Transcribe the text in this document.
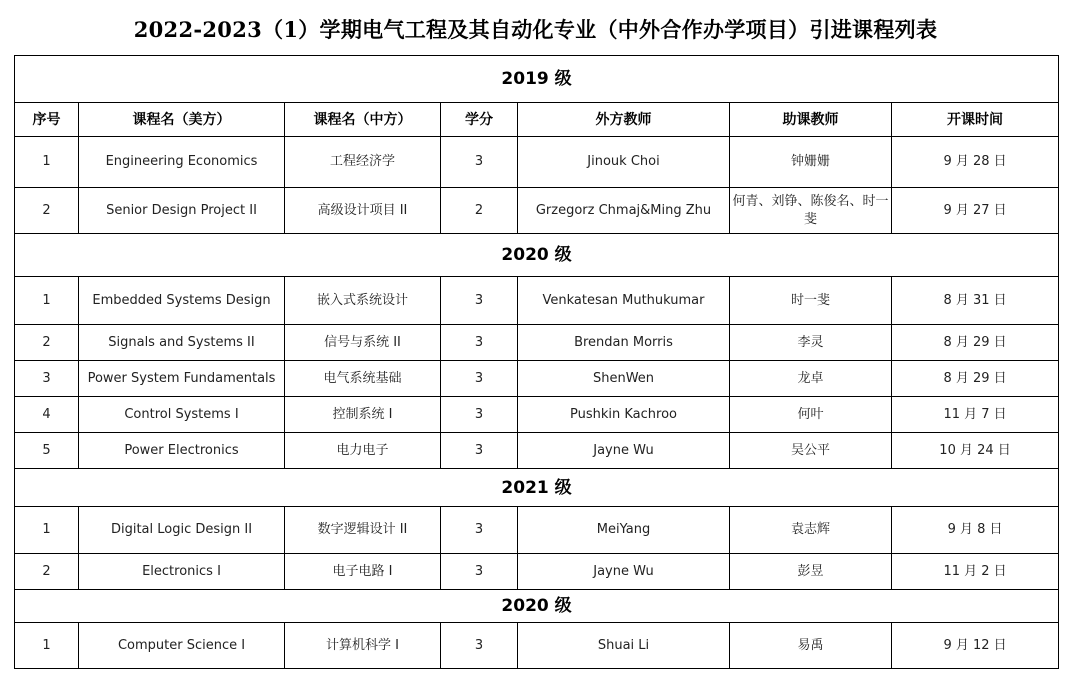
2022-2023（1）学期电气工程及其自动化专业（中外合作办学项目）引进课程列表
2019 级						
序号	课程名（美方）	课程名（中方）	学分	外方教师	助课教师	开课时间
1	Engineering Economics	工程经济学	3	Jinouk Choi	钟姗姗	9 月 28 日
2	Senior Design Project II	高级设计项目 II	2	Grzegorz Chmaj&Ming Zhu	何青、刘铮、陈俊名、时一斐	9 月 27 日
2020 级						
1	Embedded Systems Design	嵌入式系统设计	3	Venkatesan Muthukumar	时一斐	8 月 31 日
2	Signals and Systems II	信号与系统 II	3	Brendan Morris	李灵	8 月 29 日
3	Power System Fundamentals	电气系统基础	3	ShenWen	龙卓	8 月 29 日
4	Control Systems I	控制系统 I	3	Pushkin Kachroo	何叶	11 月 7 日
5	Power Electronics	电力电子	3	Jayne Wu	吴公平	10 月 24 日
2021 级						
1	Digital Logic Design II	数字逻辑设计 II	3	MeiYang	袁志辉	9 月 8 日
2	Electronics I	电子电路 I	3	Jayne Wu	彭昱	11 月 2 日
2020 级						
1	Computer Science I	计算机科学 I	3	Shuai Li	易禹	9 月 12 日
